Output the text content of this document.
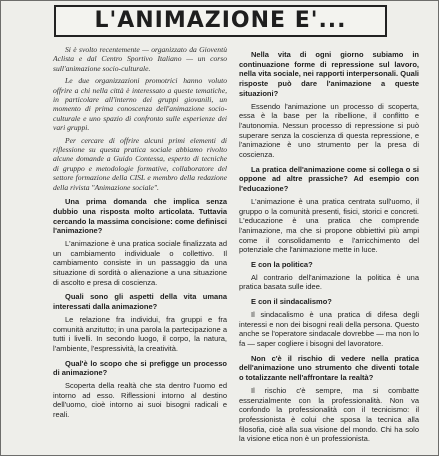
L'ANIMAZIONE E'...

Si è svolto recentemente — organizzato da Gioventù Aclista e dal Centro Sportivo Italiano — un corso sull'animazione socio-culturale.

Le due organizzazioni promotrici hanno voluto offrire a chi nella città è interessato a queste tematiche, in particolare all'interno dei gruppi giovanili, un momento di prima conoscenza dell'animazione socio-culturale e uno spazio di confronto sulle esperienze dei vari gruppi.

Per cercare di offrire alcuni primi elementi di riflessione su questa pratica sociale abbiamo rivolto alcune domande a Guido Contessa, esperto di tecniche di gruppo e metodologie formative, collaboratore del settore formazione della CISL e membro della redazione della rivista "Animazione sociale".

Una prima domanda che implica senza dubbio una risposta molto articolata. Tuttavia cercando la massima concisione: come definisci l'animazione?

L'animazione è una pratica sociale finalizzata ad un cambiamento individuale o collettivo. Il cambiamento consiste in un passaggio da una situazione di sordità o alienazione a una situazione di ascolto e presa di coscienza.

Quali sono gli aspetti della vita umana interessati dalla animazione?

Le relazione fra individui, fra gruppi e fra comunità anzitutto; in una parola la partecipazione a tutti i livelli. In secondo luogo, il corpo, la natura, l'ambiente, l'espressività, la creatività.

Qual'è lo scopo che si prefigge un processo di animazione?

Scoperta della realtà che sta dentro l'uomo ed intorno ad esso. Riflessioni intorno al destino dell'uomo, cioè intorno ai suoi bisogni radicali e reali.

Nella vita di ogni giorno subiamo in continuazione forme di repressione sul lavoro, nella vita sociale, nei rapporti interpersonali. Quali risposte può dare l'animazione a queste situazioni?

Essendo l'animazione un processo di scoperta, essa è la base per la ribellione, il conflitto e l'autonomia. Nessun processo di repressione si può superare senza la coscienza di questa repressione, e l'animazione è uno strumento per la presa di coscienza.

La pratica dell'animazione come si collega o si oppone ad altre prassiche? Ad esempio con l'educazione?

L'animazione è una pratica centrata sull'uomo, il gruppo o la comunità presenti, fisici, storici e concreti. L'educazione è una pratica che comprende l'animazione, ma che si propone obbiettivi più ampi come il consolidamento e l'arricchimento del potenziale che l'animazione mette in luce.

E con la politica?

Al contrario dell'animazione la politica è una pratica basata sulle idee.

E con il sindacalismo?

Il sindacalismo è una pratica di difesa degli interessi e non dei bisogni reali della persona. Questo anche se l'operatore sindacale dovrebbe — ma non lo fa — saper cogliere i bisogni del lavoratore.

Non c'è il rischio di vedere nella pratica dell'animazione uno strumento che diventi totale o totalizzante nell'affrontare la realtà?

Il rischio c'è sempre, ma si combatte essenzialmente con la professionalità. Non va confondo la professionalità con il tecnicismo: il professionista è colui che sposa la tecnica alla filosofia, cioè alla sua visione del mondo. Chi ha solo la visione etica non è un professionista.
